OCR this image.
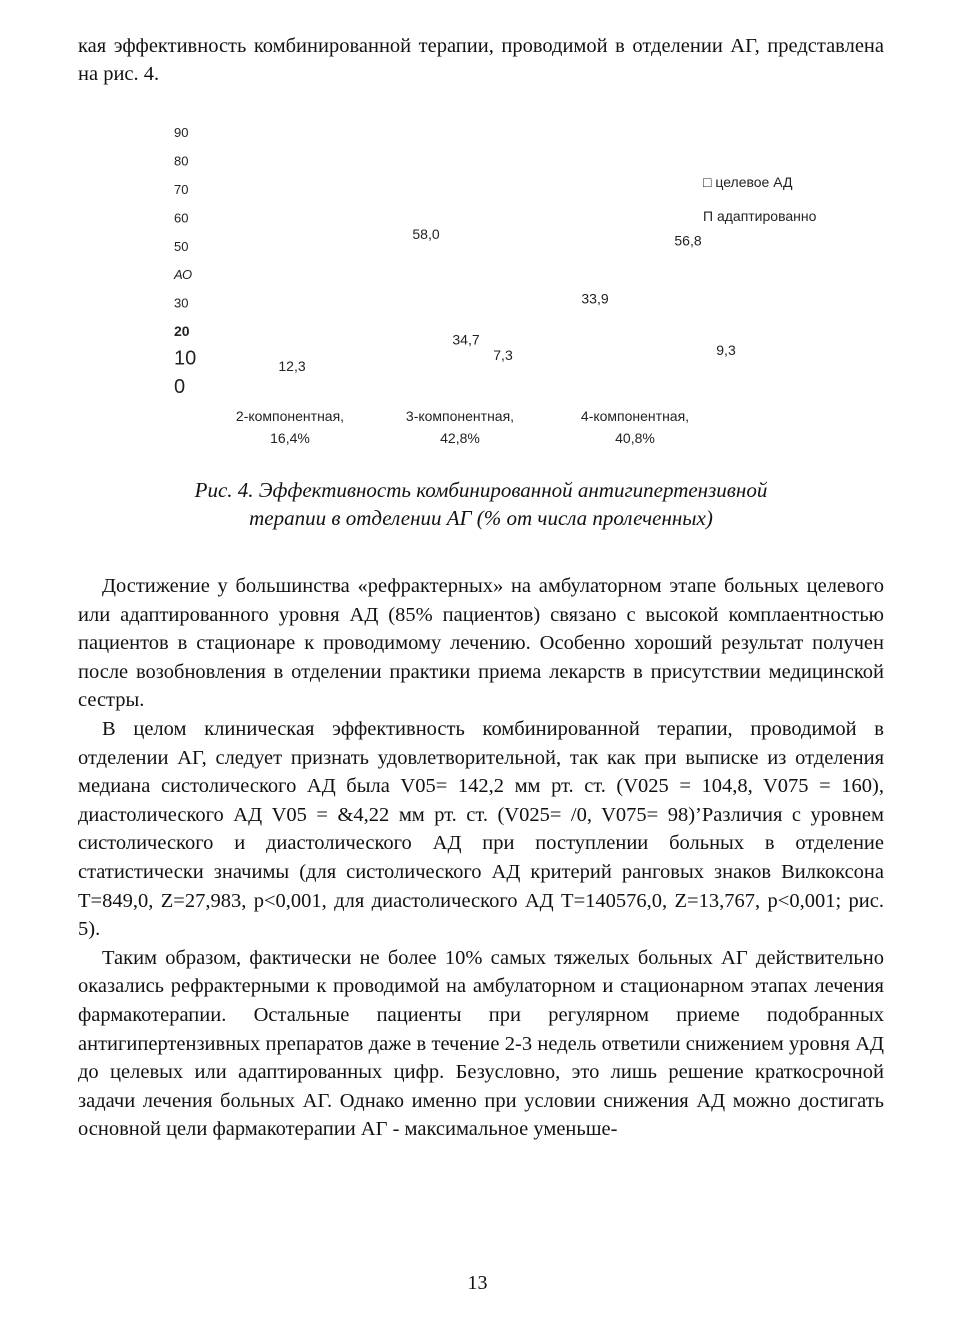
кая эффективность комбинированной терапии, проводимой в отделении АГ, представлена на рис. 4.

90
80
70
60
50
АО
30
20
10
0
12,3
58,0
33,9
34,7
56,8
7,3	9,3
2-компонентная,
16,4%
3-компонентная,
42,8%
4-компонентная,
40,8%
□ целевое АД
П адаптированно
Рис. 4. Эффективность комбинированной антигипертензивной
терапии в отделении АГ (% от числа пролеченных)

Достижение у большинства «рефрактерных» на амбулаторном этапе больных целевого или адаптированного уровня АД (85% пациентов) связано с высокой комплаентностью пациентов в стационаре к проводимому лечению. Особенно хороший результат получен после возобновления в отделении практики приема лекарств в присутствии медицинской сестры.

В целом клиническая эффективность комбинированной терапии, проводимой в отделении АГ, следует признать удовлетворительной, так как при выписке из отделения медиана систолического АД была V05= 142,2 мм рт. ст. (V025 = 104,8, V075 = 160), диастолического АД V05 = &4,22 мм рт. ст. (V025= /0, V075= 98)’Различия с уровнем систолического и диастолического АД при поступлении больных в отделение статистически значимы (для систолического АД критерий ранговых знаков Вилкоксона Т=849,0, Z=27,983, p<0,001, для диастолического АД Т=140576,0, Z=13,767, p<0,001; рис. 5).

Таким образом, фактически не более 10% самых тяжелых больных АГ действительно оказались рефрактерными к проводимой на амбулаторном и стационарном этапах лечения фармакотерапии. Остальные пациенты при регулярном приеме подобранных антигипертензивных препаратов даже в течение 2-3 недель ответили снижением уровня АД до целевых или адаптированных цифр. Безусловно, это лишь решение краткосрочной задачи лечения больных АГ. Однако именно при условии снижения АД можно достигать основной цели фармакотерапии АГ - максимальное уменьше-

13
